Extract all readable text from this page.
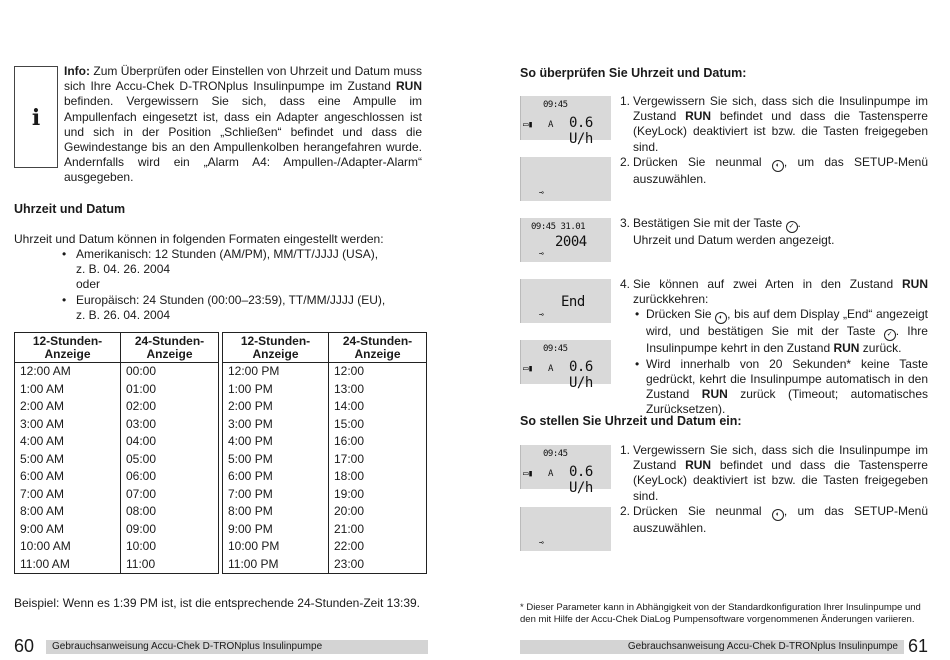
i
Info: Zum Überprüfen oder Einstellen von Uhrzeit und Datum muss sich Ihre Accu-Chek D-TRONplus Insulinpumpe im Zustand RUN befinden. Vergewissern Sie sich, dass eine Ampulle im Ampullenfach eingesetzt ist, dass ein Adapter angeschlossen ist und sich in der Position „Schließen“ befindet und dass die Gewindestange bis an den Ampullenkolben herangefahren wurde. Andernfalls wird ein „Alarm A4: Ampullen-/Adapter-Alarm“ ausgegeben.
Uhrzeit und Datum
Uhrzeit und Datum können in folgenden Formaten eingestellt werden:
• Amerikanisch: 12 Stunden (AM/PM), MM/TT/JJJJ (USA),
z. B. 04. 26. 2004
oder
• Europäisch: 24 Stunden (00:00–23:59), TT/MM/JJJJ (EU),
z. B. 26. 04. 2004
12-Stunden-Anzeige	24-Stunden-Anzeige
12:00 AM	00:00
1:00 AM	01:00
2:00 AM	02:00
3:00 AM	03:00
4:00 AM	04:00
5:00 AM	05:00
6:00 AM	06:00
7:00 AM	07:00
8:00 AM	08:00
9:00 AM	09:00
10:00 AM	10:00
11:00 AM	11:00
12-Stunden-Anzeige	24-Stunden-Anzeige
12:00 PM	12:00
1:00 PM	13:00
2:00 PM	14:00
3:00 PM	15:00
4:00 PM	16:00
5:00 PM	17:00
6:00 PM	18:00
7:00 PM	19:00
8:00 PM	20:00
9:00 PM	21:00
10:00 PM	22:00
11:00 PM	23:00
Beispiel: Wenn es 1:39 PM ist, ist die entsprechende 24-Stunden-Zeit 13:39.
60	Gebrauchsanweisung Accu-Chek D-TRONplus Insulinpumpe
So überprüfen Sie Uhrzeit und Datum:
09:45
▭▮ A 0.6 U/h
⊸
09:45 31.01
2004
⊸
End
⊸
09:45
▭▮ A 0.6 U/h
1. Vergewissern Sie sich, dass sich die Insulinpumpe im Zustand RUN befindet und dass die Tastensperre (KeyLock) deaktiviert ist bzw. die Tasten freigegeben sind.
2. Drücken Sie neunmal ◐ , um das SETUP-Menü auszuwählen.
3. Bestätigen Sie mit der Taste ✓ .
Uhrzeit und Datum werden angezeigt.
4. Sie können auf zwei Arten in den Zustand RUN zurückkehren:
• Drücken Sie ◐ , bis auf dem Display „End“ angezeigt wird, und bestätigen Sie mit der Taste ✓ . Ihre Insulinpumpe kehrt in den Zustand RUN zurück.
• Wird innerhalb von 20 Sekunden* keine Taste gedrückt, kehrt die Insulinpumpe automatisch in den Zustand RUN zurück (Timeout; automatisches Zurücksetzen).
So stellen Sie Uhrzeit und Datum ein:
09:45
▭▮ A 0.6 U/h
⊸
1. Vergewissern Sie sich, dass sich die Insulinpumpe im Zustand RUN befindet und dass die Tastensperre (KeyLock) deaktiviert ist bzw. die Tasten freigegeben sind.
2. Drücken Sie neunmal ◐ , um das SETUP-Menü auszuwählen.
* Dieser Parameter kann in Abhängigkeit von der Standardkonfiguration Ihrer Insulinpumpe und den mit Hilfe der Accu-Chek DiaLog Pumpensoftware vorgenommenen Änderungen variieren.
Gebrauchsanweisung Accu-Chek D-TRONplus Insulinpumpe 61
